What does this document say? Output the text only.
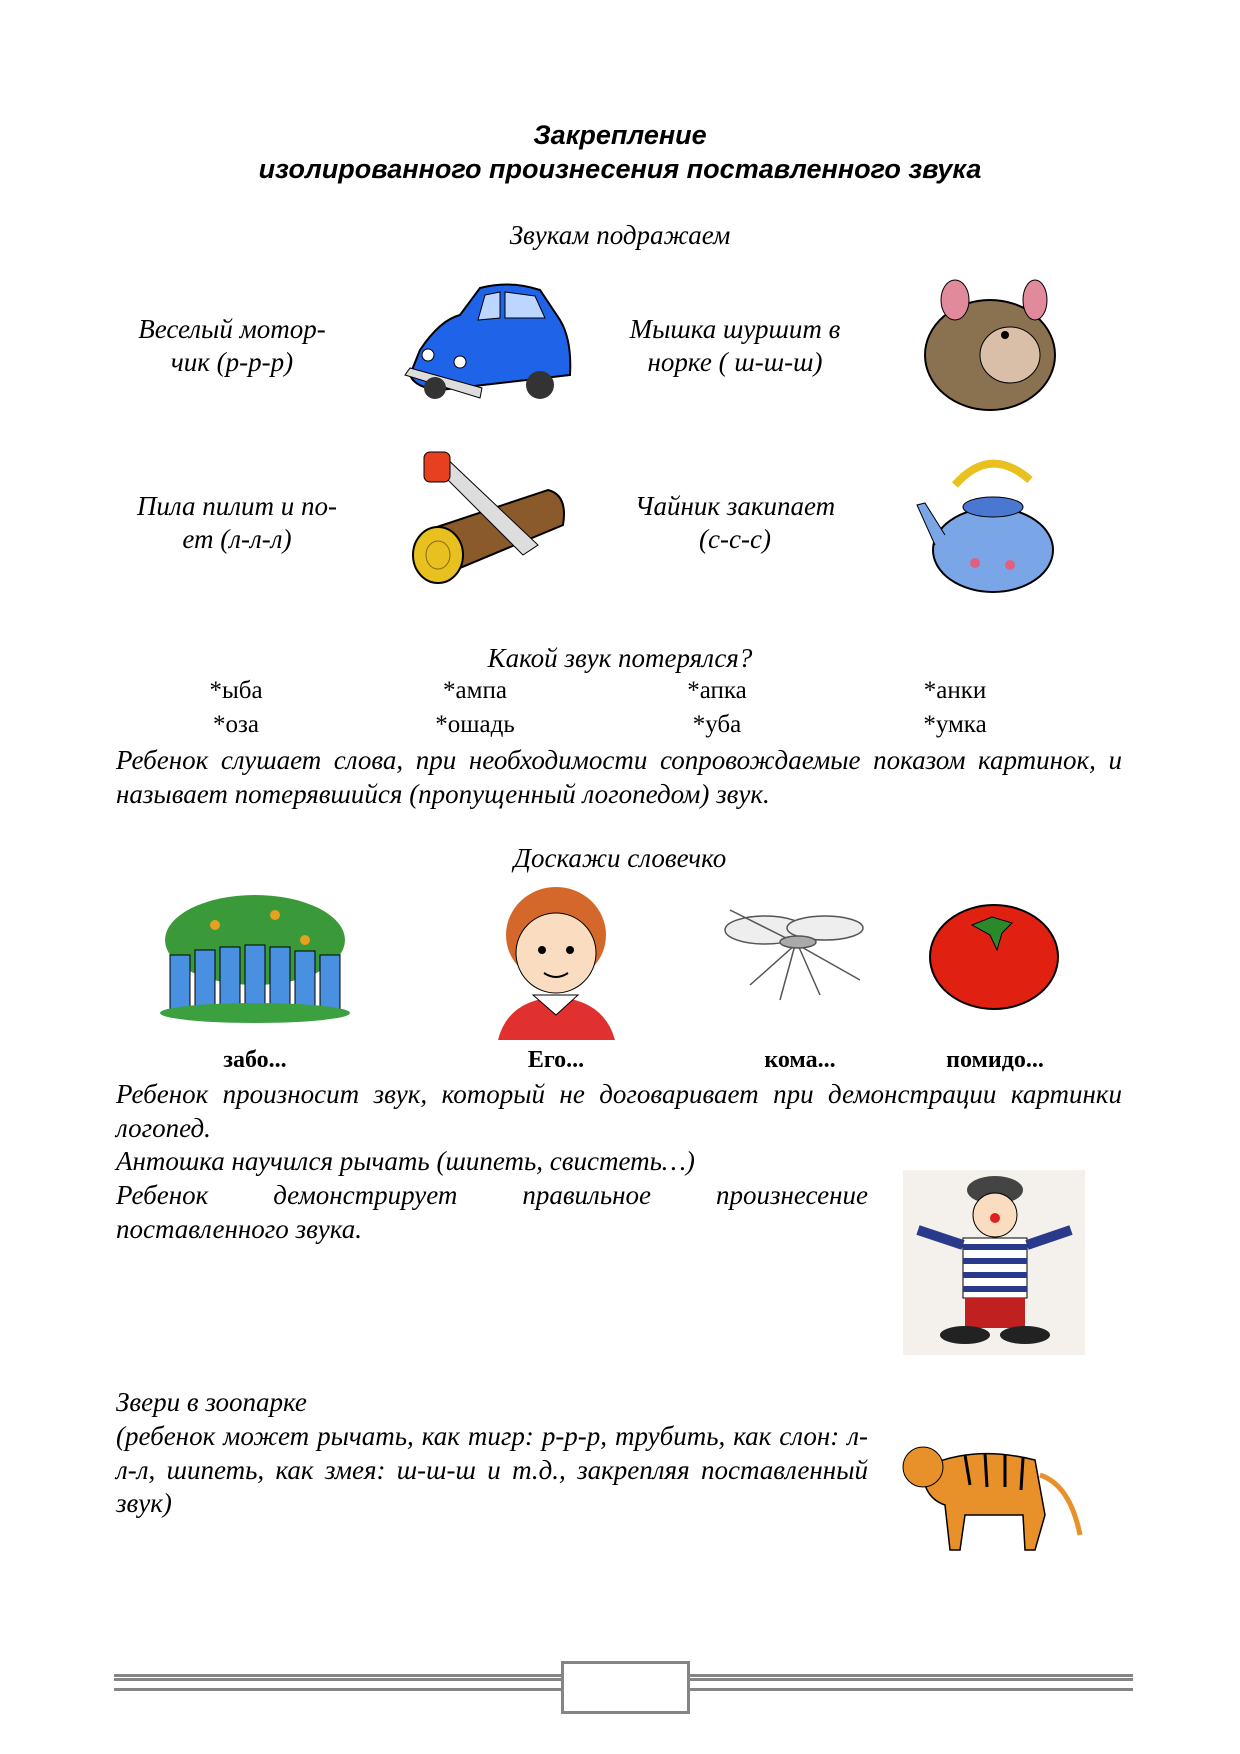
Закрепление
изолированного произнесения поставленного звука
Звукам подражаем
Веселый мотор-
чик (р-р-р)
Мышка шуршит в
норке ( ш-ш-ш)
Пила пилит и по-
ет (л-л-л)
Чайник закипает
(с-с-с)
Какой звук потерялся?
*ыба	*ампа	*апка	*анки
*оза	*ошадь	*уба	*умка
Ребенок слушает слова, при необходимости сопровождаемые показом картинок, и называет потерявшийся (пропущенный логопедом) звук.
Доскажи словечко
забо...	Его...	кома...	помидо...
Ребенок произносит звук, который не договаривает при демонстрации картинки логопед.
Антошка научился рычать (шипеть, свистеть…)
Ребенок демонстрирует правильное произнесение поставленного звука.
Звери в зоопарке
(ребенок может рычать, как тигр: р-р-р, трубить, как слон: л-л-л, шипеть, как змея: ш-ш-ш и т.д., закрепляя поставленный звук)
